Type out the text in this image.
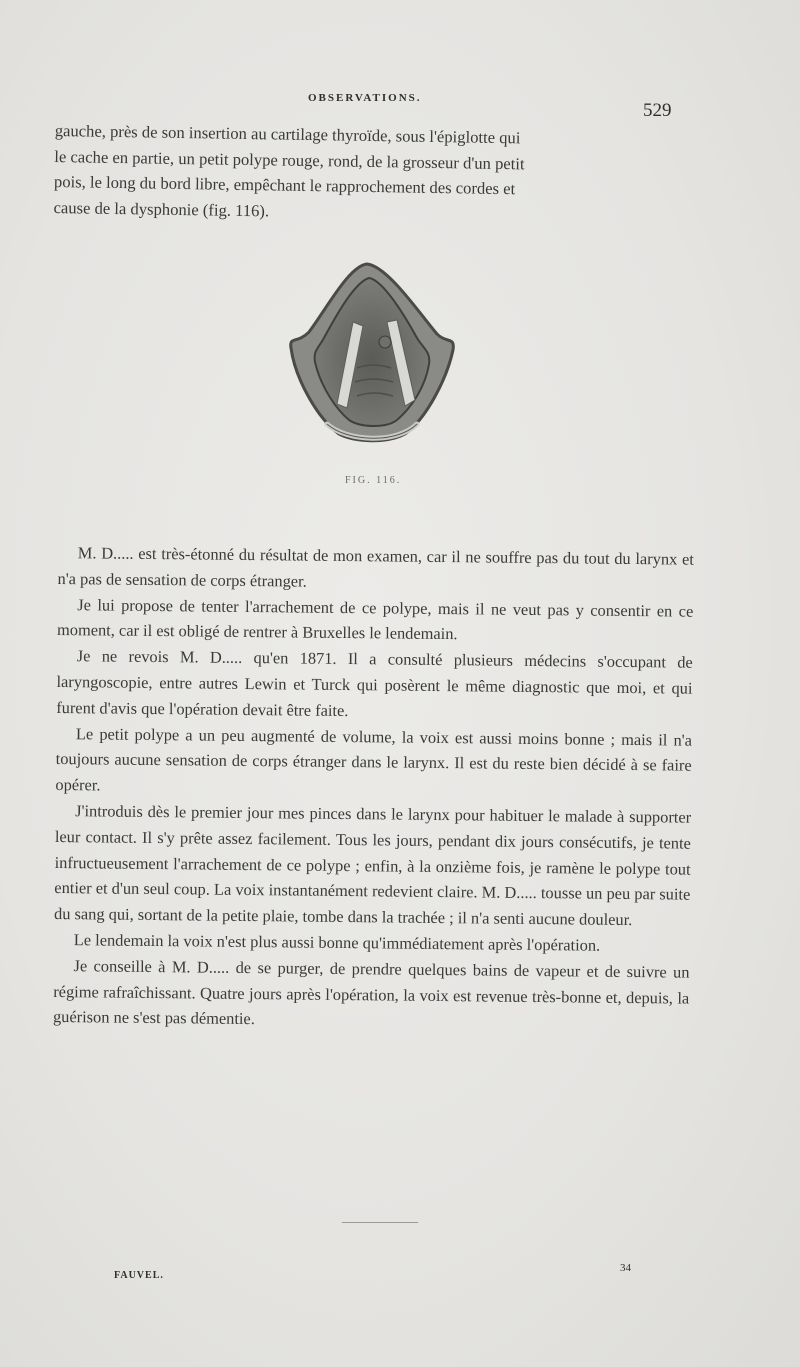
OBSERVATIONS.
529
gauche, près de son insertion au cartilage thyroïde, sous l'épiglotte qui
le cache en partie, un petit polype rouge, rond, de la grosseur d'un petit
pois, le long du bord libre, empêchant le rapprochement des cordes et
cause de la dysphonie (fig. 116).
FIG. 116.

M. D..... est très-étonné du résultat de mon examen, car il ne souffre pas du tout du larynx et n'a pas de sensation de corps étranger.

Je lui propose de tenter l'arrachement de ce polype, mais il ne veut pas y consentir en ce moment, car il est obligé de rentrer à Bruxelles le lendemain.

Je ne revois M. D..... qu'en 1871. Il a consulté plusieurs médecins s'occupant de laryngoscopie, entre autres Lewin et Turck qui posèrent le même diagnostic que moi, et qui furent d'avis que l'opération devait être faite.

Le petit polype a un peu augmenté de volume, la voix est aussi moins bonne ; mais il n'a toujours aucune sensation de corps étranger dans le larynx. Il est du reste bien décidé à se faire opérer.

J'introduis dès le premier jour mes pinces dans le larynx pour habituer le malade à supporter leur contact. Il s'y prête assez facilement. Tous les jours, pendant dix jours consécutifs, je tente infructueusement l'arrachement de ce polype ; enfin, à la onzième fois, je ramène le polype tout entier et d'un seul coup. La voix instantanément redevient claire. M. D..... tousse un peu par suite du sang qui, sortant de la petite plaie, tombe dans la trachée ; il n'a senti aucune douleur.

Le lendemain la voix n'est plus aussi bonne qu'immédiatement après l'opération.

Je conseille à M. D..... de se purger, de prendre quelques bains de vapeur et de suivre un régime rafraîchissant. Quatre jours après l'opération, la voix est revenue très-bonne et, depuis, la guérison ne s'est pas démentie.

FAUVEL.
34
